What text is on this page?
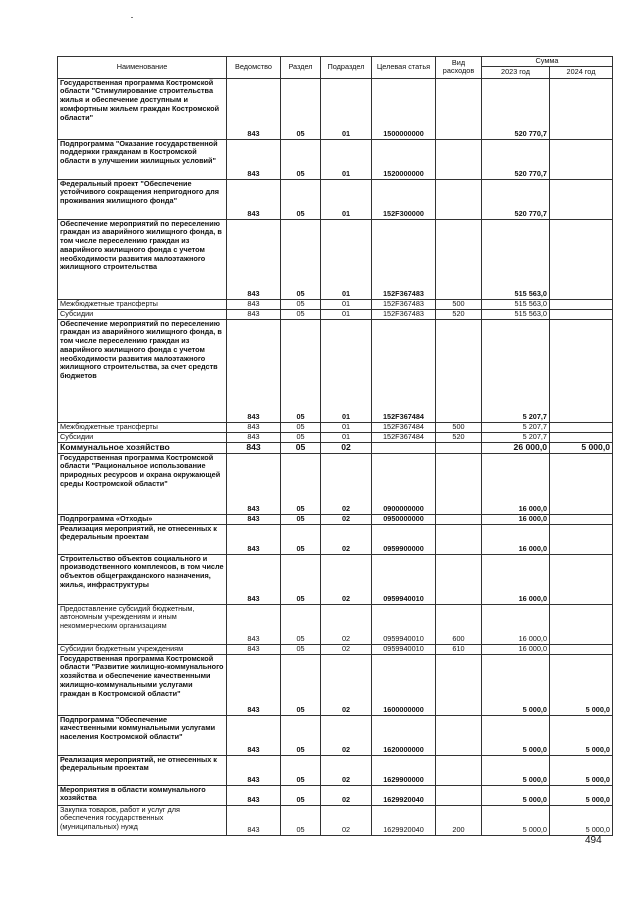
Наименование	Ведомство	Раздел	Подраздел	Целевая статья	Вид расходов	Сумма	
						2023 год	2024 год
Государственная программа Костромской области "Стимулирование строительства жилья и обеспечение доступным и комфортным жильем граждан Костромской области"	843	05	01	1500000000		520 770,7	
Подпрограмма "Оказание государственной поддержки гражданам в Костромской области в улучшении жилищных условий"	843	05	01	1520000000		520 770,7	
Федеральный проект "Обеспечение устойчивого сокращения непригодного для проживания жилищного фонда"	843	05	01	152F300000		520 770,7	
Обеспечение мероприятий по переселению граждан из аварийного жилищного фонда, в том числе переселению граждан из аварийного жилищного фонда с учетом необходимости развития малоэтажного жилищного строительства	843	05	01	152F367483		515 563,0	
Межбюджетные трансферты	843	05	01	152F367483	500	515 563,0	
Субсидии	843	05	01	152F367483	520	515 563,0	
Обеспечение мероприятий по переселению граждан из аварийного жилищного фонда, в том числе переселению граждан из аварийного жилищного фонда с учетом необходимости развития малоэтажного жилищного строительства, за счет средств бюджетов	843	05	01	152F367484		5 207,7	
Межбюджетные трансферты	843	05	01	152F367484	500	5 207,7	
Субсидии	843	05	01	152F367484	520	5 207,7	
Коммунальное хозяйство	843	05	02			26 000,0	5 000,0
Государственная программа Костромской области "Рациональное использование природных ресурсов и охрана окружающей среды Костромской области"	843	05	02	0900000000		16 000,0	
Подпрограмма «Отходы»	843	05	02	0950000000		16 000,0	
Реализация мероприятий, не отнесенных к федеральным проектам	843	05	02	0959900000		16 000,0	
Строительство объектов социального и производственного комплексов, в том числе объектов общегражданского назначения, жилья, инфраструктуры	843	05	02	0959940010		16 000,0	
Предоставление субсидий бюджетным, автономным учреждениям и иным некоммерческим организациям	843	05	02	0959940010	600	16 000,0	
Субсидии бюджетным учреждениям	843	05	02	0959940010	610	16 000,0	
Государственная программа Костромской области "Развитие жилищно-коммунального хозяйства и обеспечение качественными жилищно-коммунальными услугами граждан в Костромской области"	843	05	02	1600000000		5 000,0	5 000,0
Подпрограмма "Обеспечение качественными коммунальными услугами населения Костромской области"	843	05	02	1620000000		5 000,0	5 000,0
Реализация мероприятий, не отнесенных к федеральным проектам	843	05	02	1629900000		5 000,0	5 000,0
Мероприятия в области коммунального хозяйства	843	05	02	1629920040		5 000,0	5 000,0
Закупка товаров, работ и услуг для обеспечения государственных (муниципальных) нужд	843	05	02	1629920040	200	5 000,0	5 000,0
494
